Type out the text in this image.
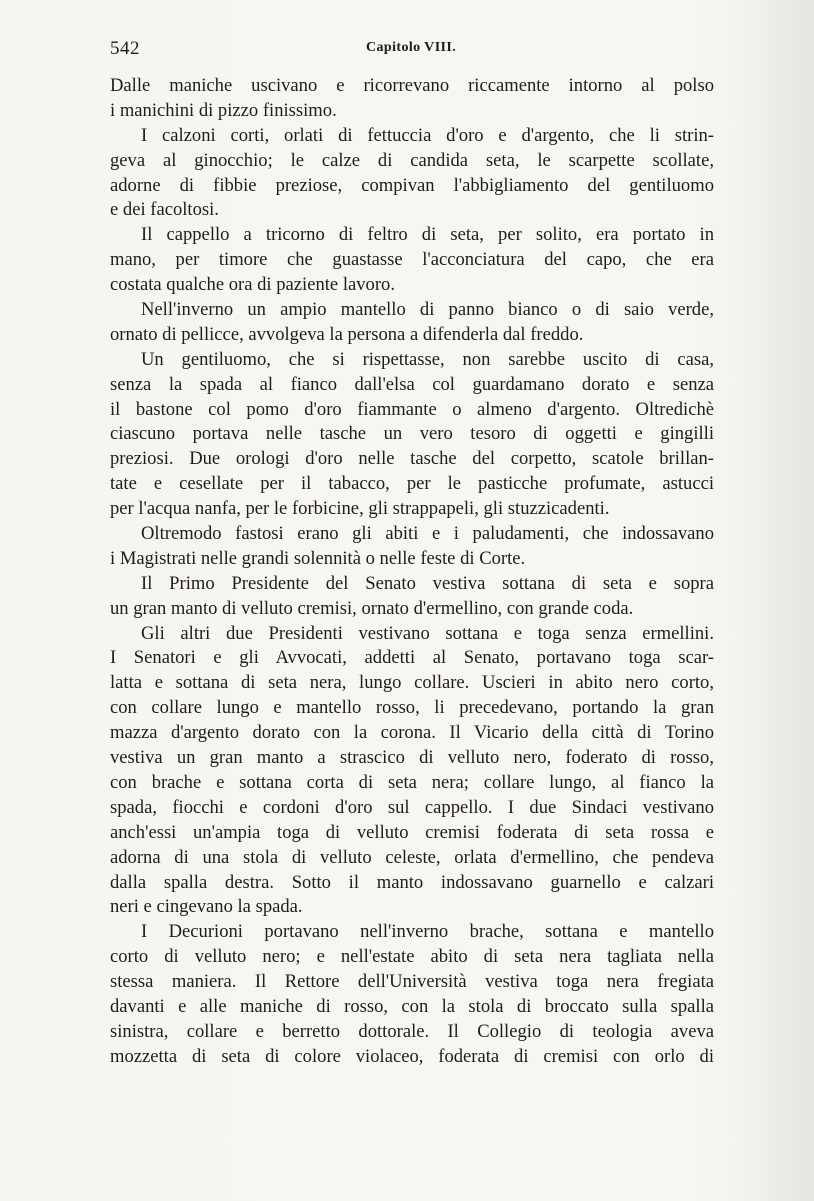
542	Capitolo VIII.
Dalle maniche uscivano e ricorrevano riccamente intorno al polso
i manichini di pizzo finissimo.
I calzoni corti, orlati di fettuccia d'oro e d'argento, che li strin-
geva al ginocchio; le calze di candida seta, le scarpette scollate,
adorne di fibbie preziose, compivan l'abbigliamento del gentiluomo
e dei facoltosi.
Il cappello a tricorno di feltro di seta, per solito, era portato in
mano, per timore che guastasse l'acconciatura del capo, che era
costata qualche ora di paziente lavoro.
Nell'inverno un ampio mantello di panno bianco o di saio verde,
ornato di pellicce, avvolgeva la persona a difenderla dal freddo.
Un gentiluomo, che si rispettasse, non sarebbe uscito di casa,
senza la spada al fianco dall'elsa col guardamano dorato e senza
il bastone col pomo d'oro fiammante o almeno d'argento. Oltredichè
ciascuno portava nelle tasche un vero tesoro di oggetti e gingilli
preziosi. Due orologi d'oro nelle tasche del corpetto, scatole brillan-
tate e cesellate per il tabacco, per le pasticche profumate, astucci
per l'acqua nanfa, per le forbicine, gli strappapeli, gli stuzzicadenti.
Oltremodo fastosi erano gli abiti e i paludamenti, che indossavano
i Magistrati nelle grandi solennità o nelle feste di Corte.
Il Primo Presidente del Senato vestiva sottana di seta e sopra
un gran manto di velluto cremisi, ornato d'ermellino, con grande coda.
Gli altri due Presidenti vestivano sottana e toga senza ermellini.
I Senatori e gli Avvocati, addetti al Senato, portavano toga scar-
latta e sottana di seta nera, lungo collare. Uscieri in abito nero corto,
con collare lungo e mantello rosso, li precedevano, portando la gran
mazza d'argento dorato con la corona. Il Vicario della città di Torino
vestiva un gran manto a strascico di velluto nero, foderato di rosso,
con brache e sottana corta di seta nera; collare lungo, al fianco la
spada, fiocchi e cordoni d'oro sul cappello. I due Sindaci vestivano
anch'essi un'ampia toga di velluto cremisi foderata di seta rossa e
adorna di una stola di velluto celeste, orlata d'ermellino, che pendeva
dalla spalla destra. Sotto il manto indossavano guarnello e calzari
neri e cingevano la spada.
I Decurioni portavano nell'inverno brache, sottana e mantello
corto di velluto nero; e nell'estate abito di seta nera tagliata nella
stessa maniera. Il Rettore dell'Università vestiva toga nera fregiata
davanti e alle maniche di rosso, con la stola di broccato sulla spalla
sinistra, collare e berretto dottorale. Il Collegio di teologia aveva
mozzetta di seta di colore violaceo, foderata di cremisi con orlo di
